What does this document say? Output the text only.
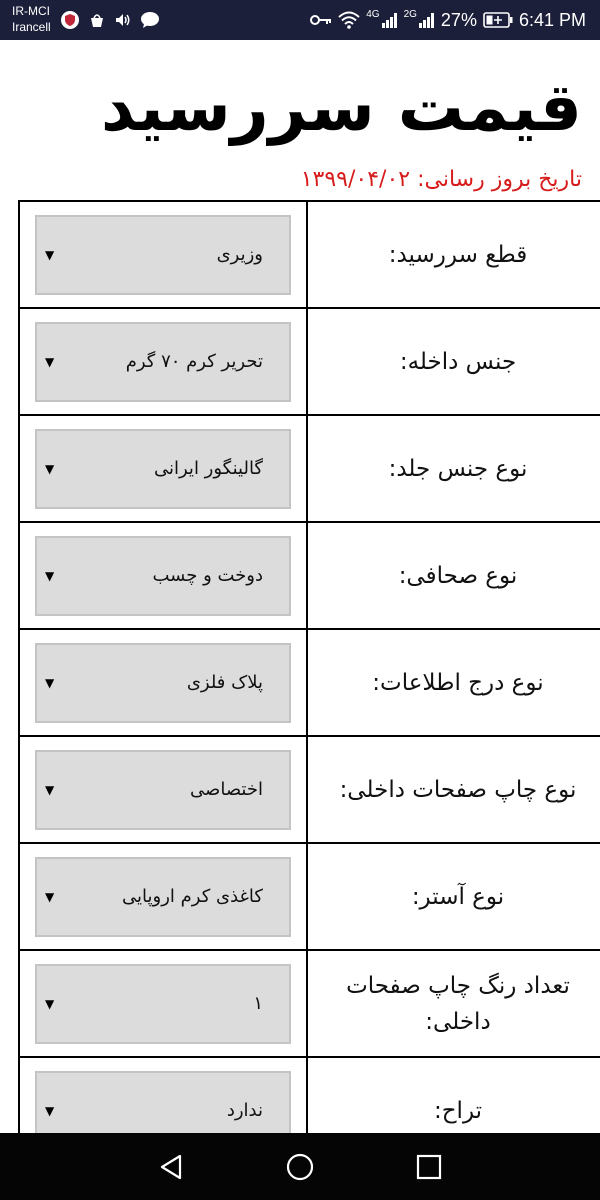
IR-MCI
Irancell
4G 2G 27% 6:41 PM
قیمت سررسید
تاریخ بروز رسانی: ۱۳۹۹/۰۴/۰۲
▼ وزیری	قطع سررسید:

▼ تحریر کرم ۷۰ گرم	جنس داخله:

▼ گالینگور ایرانی	نوع جنس جلد:

▼ دوخت و چسب	نوع صحافی:

▼ پلاک فلزی	نوع درج اطلاعات:

▼ اختصاصی	نوع چاپ صفحات داخلی:

▼ کاغذی کرم اروپایی	نوع آستر:

▼ ۱	تعداد رنگ چاپ صفحات داخلی:

▼ ندارد	تراح:
